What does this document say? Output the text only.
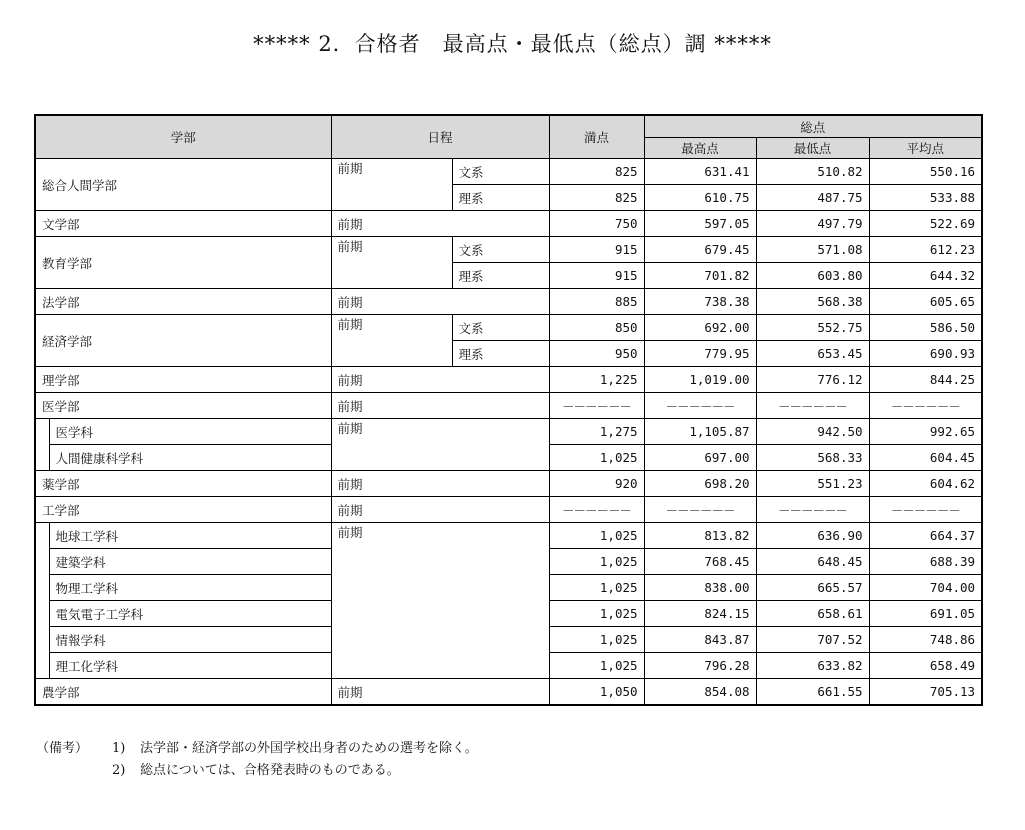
***** 2．合格者　最高点・最低点（総点）調 *****
学部		日程		満点	総点		
					最高点	最低点	平均点
総合人間学部		前期	文系	825	631.41	510.82	550.16
			理系	825	610.75	487.75	533.88
文学部		前期		750	597.05	497.79	522.69
教育学部		前期	文系	915	679.45	571.08	612.23
			理系	915	701.82	603.80	644.32
法学部		前期		885	738.38	568.38	605.65
経済学部		前期	文系	850	692.00	552.75	586.50
			理系	950	779.95	653.45	690.93
理学部		前期		1,225	1,019.00	776.12	844.25
医学部		前期		－－－－－－	－－－－－－	－－－－－－	－－－－－－
	医学科	前期		1,275	1,105.87	942.50	992.65
	人間健康科学科			1,025	697.00	568.33	604.45
薬学部		前期		920	698.20	551.23	604.62
工学部		前期		－－－－－－	－－－－－－	－－－－－－	－－－－－－
	地球工学科	前期		1,025	813.82	636.90	664.37
	建築学科			1,025	768.45	648.45	688.39
	物理工学科			1,025	838.00	665.57	704.00
	電気電子工学科			1,025	824.15	658.61	691.05
	情報学科			1,025	843.87	707.52	748.86
	理工化学科			1,025	796.28	633.82	658.49
農学部		前期		1,050	854.08	661.55	705.13
（備考）	1)	法学部・経済学部の外国学校出身者のための選考を除く。
2)	総点については、合格発表時のものである。
